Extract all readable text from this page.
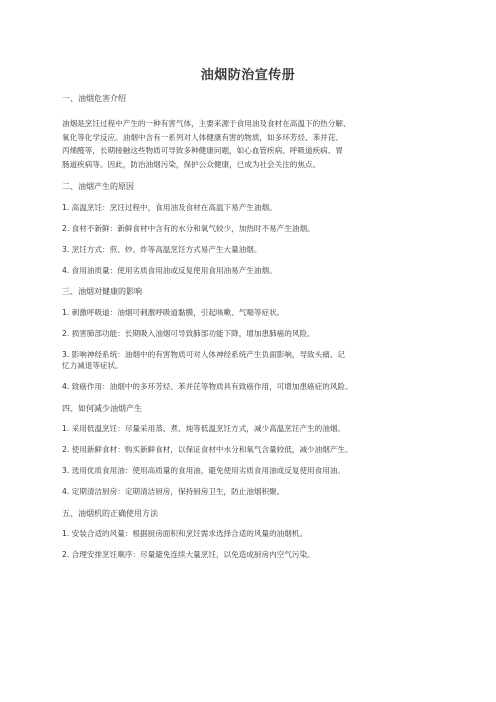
油烟防治宣传册

一、油烟危害介绍

油烟是烹饪过程中产生的一种有害气体，主要来源于食用油及食材在高温下的热分解、
氧化等化学反应。油烟中含有一系列对人体健康有害的物质，如多环芳烃、苯并芘、
丙烯醛等，长期接触这些物质可导致多种健康问题，如心血管疾病、呼吸道疾病、胃
肠道疾病等。因此，防治油烟污染，保护公众健康，已成为社会关注的焦点。

二、油烟产生的原因

1. 高温烹饪：烹饪过程中，食用油及食材在高温下易产生油烟。

2. 食材不新鲜：新鲜食材中含有的水分和氧气较少，加热时不易产生油烟。

3. 烹饪方式：煎、炒、炸等高温烹饪方式易产生大量油烟。

4. 食用油质量：使用劣质食用油或反复使用食用油易产生油烟。

三、油烟对健康的影响

1. 刺激呼吸道：油烟可刺激呼吸道黏膜，引起咳嗽、气喘等症状。

2. 损害肺部功能：长期吸入油烟可导致肺部功能下降，增加患肺癌的风险。

3. 影响神经系统：油烟中的有害物质可对人体神经系统产生负面影响，导致头痛、记
忆力减退等症状。

4. 致癌作用：油烟中的多环芳烃、苯并芘等物质具有致癌作用，可增加患癌症的风险。

四、如何减少油烟产生

1. 采用低温烹饪：尽量采用蒸、煮、炖等低温烹饪方式，减少高温烹饪产生的油烟。

2. 使用新鲜食材：购买新鲜食材，以保证食材中水分和氧气含量较低，减少油烟产生。

3. 选用优质食用油：使用高质量的食用油，避免使用劣质食用油或反复使用食用油。

4. 定期清洁厨房：定期清洁厨房，保持厨房卫生，防止油烟积聚。

五、油烟机的正确使用方法

1. 安装合适的风量：根据厨房面积和烹饪需求选择合适的风量的油烟机。

2. 合理安排烹饪顺序：尽量避免连续大量烹饪，以免造成厨房内空气污染。
